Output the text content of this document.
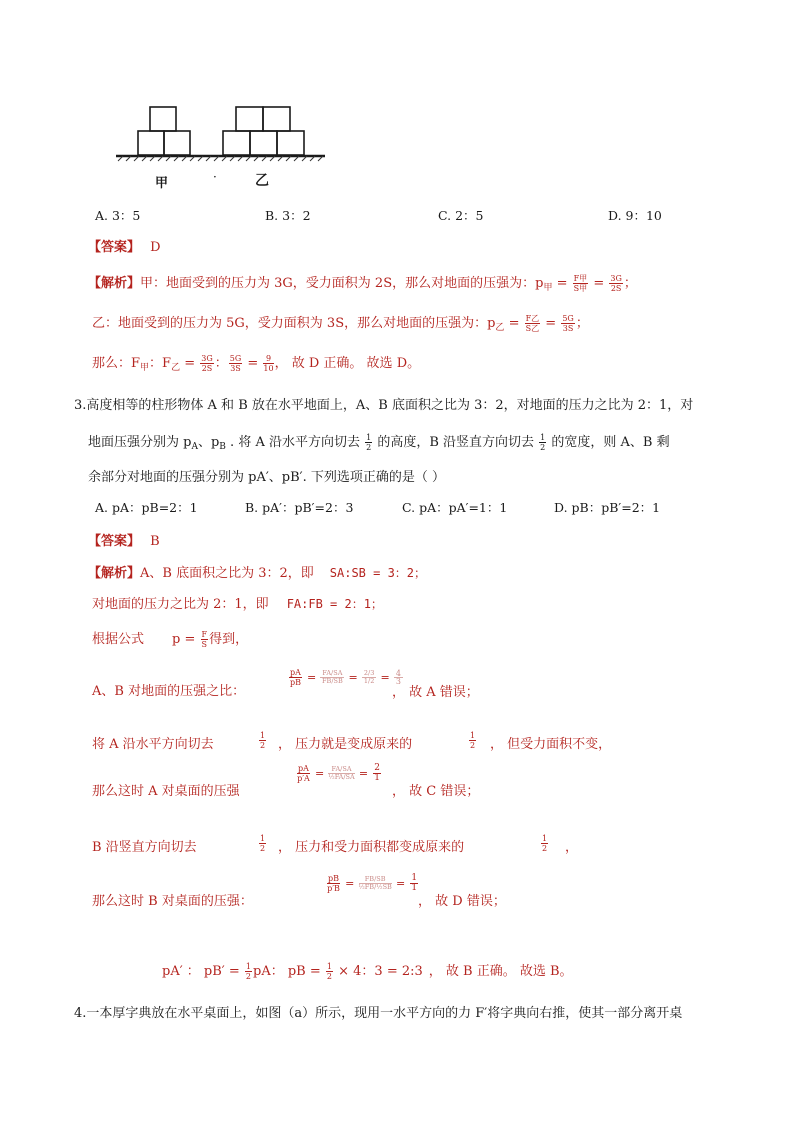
甲	·	乙
A. 3：5	B. 3：2	C. 2：5	D. 9：10
【答案】 D
【解析】甲：地面受到的压力为 3G，受力面积为 2S，那么对地面的压强为：$p_甲 = \frac{\text{F甲}}{\text{S甲}} = \frac{3G}{2S}$ ；
乙：地面受到的压力为 5G，受力面积为 3S，那么对地面的压强为：$p_乙 = \frac{\text{F乙}}{\text{S乙}} = \frac{5G}{3S}$ ；
那么：$F_甲$：$F_乙 = \frac{3G}{2S}$ ： $\frac{5G}{3S} = \frac{9}{10}$ ， 故 D 正确。 故选 D。
3.高度相等的柱形物体 A 和 B 放在水平地面上，A、B 底面积之比为 3：2，对地面的压力之比为 2：1，对
地面压强分别为 $p_A$、$p_B$ . 将 A 沿水平方向切去 $\frac{1}{2}$ 的高度，B 沿竖直方向切去 $\frac{1}{2}$ 的宽度，则 A、B 剩
余部分对地面的压强分别为 pA′、pB′. 下列选项正确的是（ ）
A. pA：pB=2：1	B. pA′：pB′=2：3	C. pA：pA′=1：1	D. pB：pB′=2：1
【答案】 B
【解析】A、B 底面积之比为 3：2，即 SA:SB = 3：2；
对地面的压力之比为 2：1，即 FA:FB = 2：1；
根据公式 $p = \frac{F}{S}$ 得到，
A、B 对地面的压强之比：
$\frac{pA}{pB} = \frac{FA/SA}{FB/SB} = \frac{2/3}{1/2} = \frac{4}{3}$
， 故 A 错误；
将 A 沿水平方向切去	$\frac{1}{2}$ ， 压力就是变成原来的	$\frac{1}{2}$ ， 但受力面积不变，
那么这时 A 对桌面的压强
$\frac{pA}{p'A} = \frac{FA/SA}{\text{½FA/SA}} = \frac{2}{1}$
， 故 C 错误；
B 沿竖直方向切去	$\frac{1}{2}$ ， 压力和受力面积都变成原来的	$\frac{1}{2}$ ，
那么这时 B 对桌面的压强：
$\frac{pB}{p'B} = \frac{FB/SB}{\text{½FB/½SB}} = \frac{1}{1}$
， 故 D 错误；
pA′ ： $pB' = \frac{1}{2}$ pA： pB = $\frac{1}{2} \times 4$：3 = 2:3 ， 故 B 正确。 故选 B。
4.一本厚字典放在水平桌面上，如图（a）所示，现用一水平方向的力 F′将字典向右推，使其一部分离开桌
